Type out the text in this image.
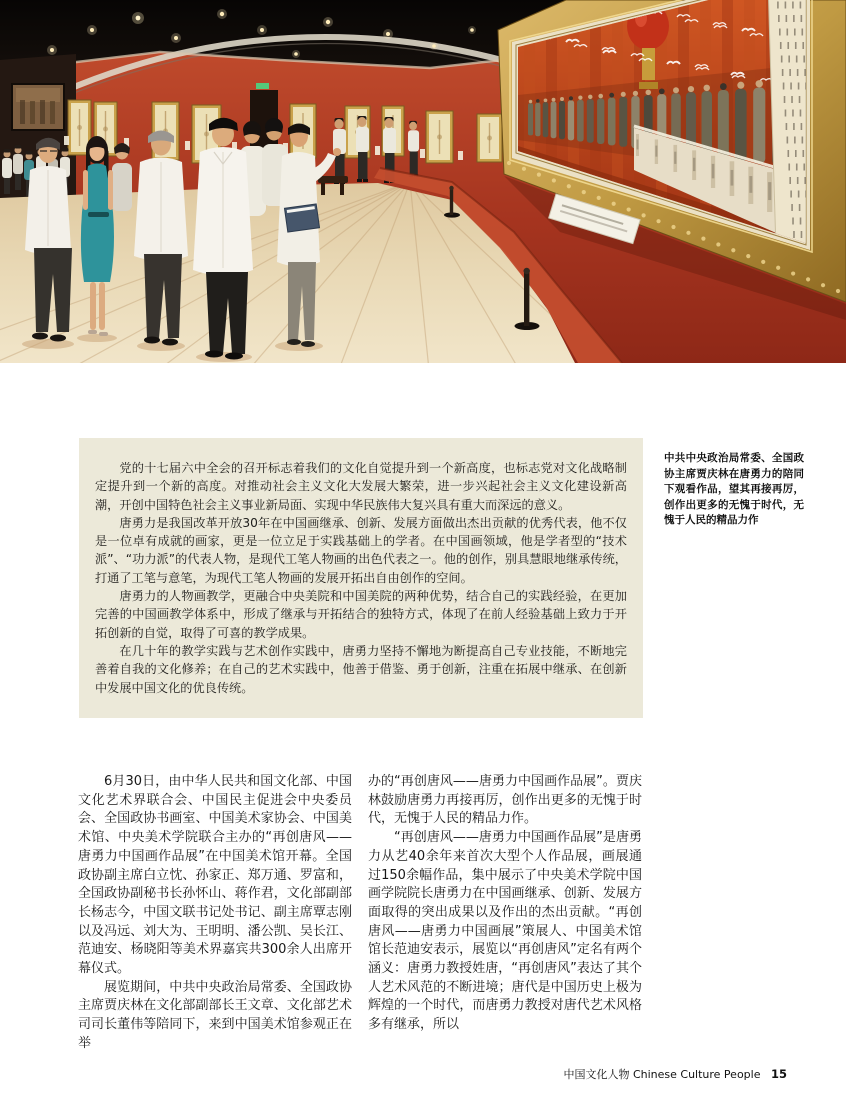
党的十七届六中全会的召开标志着我们的文化自觉提升到一个新高度，也标志党对文化战略制定提升到一个新的高度。对推动社会主义文化大发展大繁荣，进一步兴起社会主义文化建设新高潮，开创中国特色社会主义事业新局面、实现中华民族伟大复兴具有重大而深远的意义。

唐勇力是我国改革开放30年在中国画继承、创新、发展方面做出杰出贡献的优秀代表，他不仅是一位卓有成就的画家，更是一位立足于实践基础上的学者。在中国画领域，他是学者型的“技术派”、“功力派”的代表人物，是现代工笔人物画的出色代表之一。他的创作，别具慧眼地继承传统，打通了工笔与意笔，为现代工笔人物画的发展开拓出自由创作的空间。

唐勇力的人物画教学，更融合中央美院和中国美院的两种优势，结合自己的实践经验，在更加完善的中国画教学体系中，形成了继承与开拓结合的独特方式，体现了在前人经验基础上致力于开拓创新的自觉，取得了可喜的教学成果。

在几十年的教学实践与艺术创作实践中，唐勇力坚持不懈地为断提高自己专业技能，不断地完善着自我的文化修养；在自己的艺术实践中，他善于借鉴、勇于创新，注重在拓展中继承、在创新中发展中国文化的优良传统。

中共中央政治局常委、全国政协主席贾庆林在唐勇力的陪同下观看作品，望其再接再厉，创作出更多的无愧于时代，无愧于人民的精品力作

6月30日，由中华人民共和国文化部、中国文化艺术界联合会、中国民主促进会中央委员会、全国政协书画室、中国美术家协会、中国美术馆、中央美术学院联合主办的“再创唐风——唐勇力中国画作品展”在中国美术馆开幕。全国政协副主席白立忱、孙家正、郑万通、罗富和，全国政协副秘书长孙怀山、蒋作君，文化部副部长杨志今，中国文联书记处书记、副主席覃志刚以及冯远、刘大为、王明明、潘公凯、吴长江、范迪安、杨晓阳等美术界嘉宾共300余人出席开幕仪式。

展览期间，中共中央政治局常委、全国政协主席贾庆林在文化部副部长王文章、文化部艺术司司长董伟等陪同下，来到中国美术馆参观正在举

办的“再创唐风——唐勇力中国画作品展”。贾庆林鼓励唐勇力再接再厉，创作出更多的无愧于时代，无愧于人民的精品力作。

“再创唐风——唐勇力中国画作品展”是唐勇力从艺40余年来首次大型个人作品展，画展通过150余幅作品，集中展示了中央美术学院中国画学院院长唐勇力在中国画继承、创新、发展方面取得的突出成果以及作出的杰出贡献。“再创唐风——唐勇力中国画展”策展人、中国美术馆馆长范迪安表示，展览以“再创唐风”定名有两个涵义：唐勇力教授姓唐，“再创唐风”表达了其个人艺术风范的不断进境；唐代是中国历史上极为辉煌的一个时代，而唐勇力教授对唐代艺术风格多有继承，所以

中国文化人物 Chinese Culture People 15
